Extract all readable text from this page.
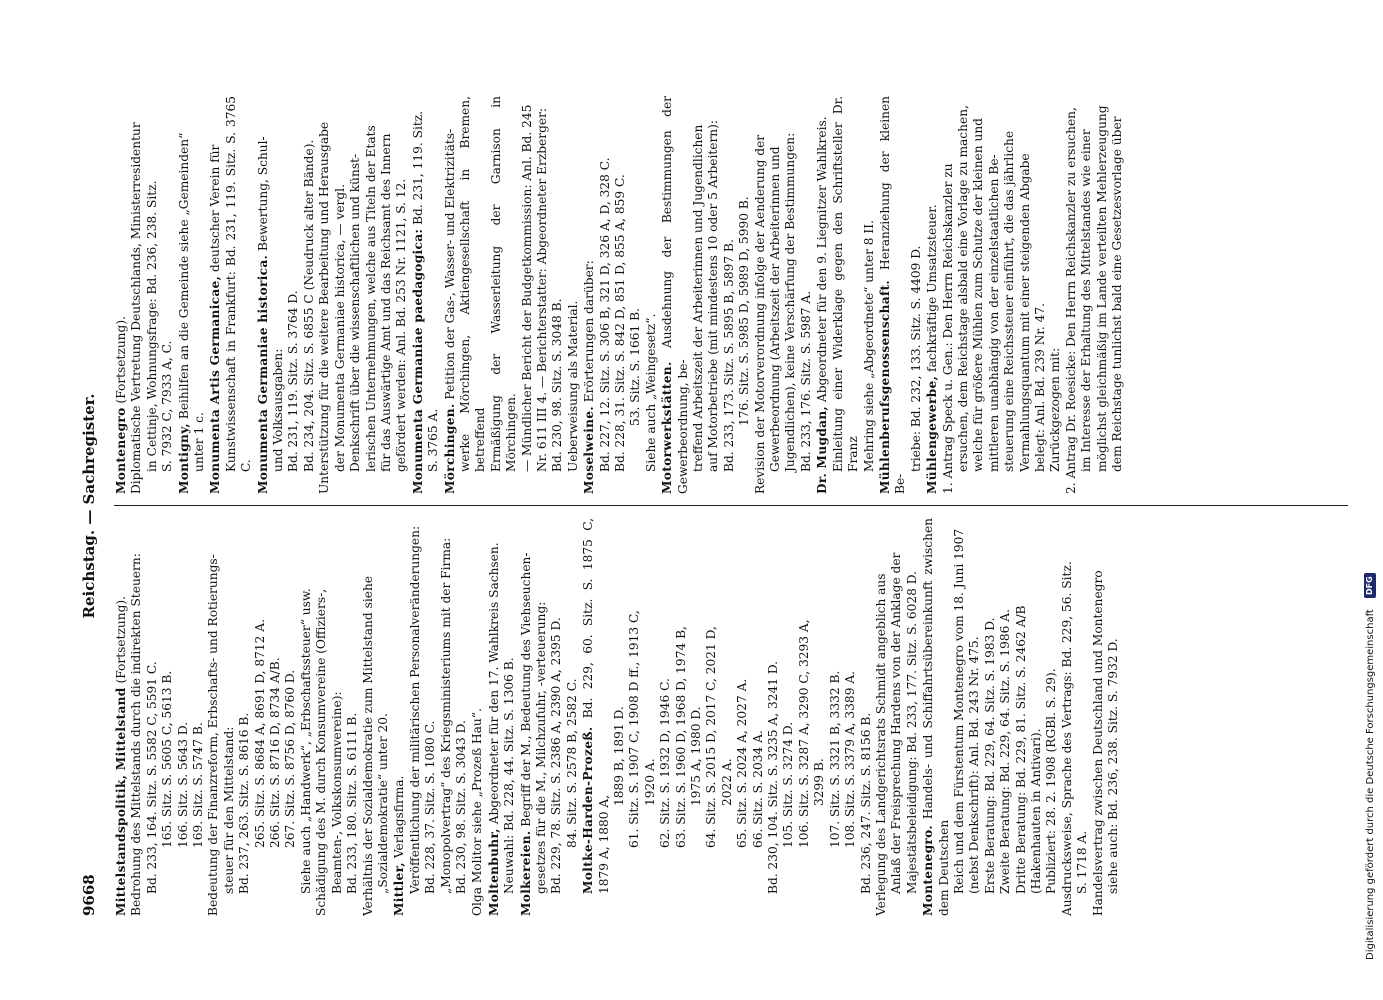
9668
Reichstag. — Sachregister.
Mittelstandspolitik, Mittelstand (Fortsetzung). Bedrohung des Mittelstands durch die indirekten Steuern: Bd. 233, 164. Sitz. S. 5582 C, 5591 C. 165. Sitz. S. 5605 C, 5613 B. 166. Sitz. S. 5643 D. 169. Sitz. S. 5747 B. Bedeutung der Finanzreform, Erbschafts- und Rotierungs- steuer für den Mittelstand: Bd. 237, 263. Sitz. S. 8616 B. 265. Sitz. S. 8684 A, 8691 D, 8712 A. 266. Sitz. S. 8716 D, 8734 A/B. 267. Sitz. S. 8756 D, 8760 D. Siehe auch „Handwerk“, „Erbschaftssteuer“ usw. Schädigung des M. durch Konsumvereine (Offiziers-, Beamten-, Volkskonsumvereine): Bd. 233, 180. Sitz. S. 6111 B. Verhältnis der Sozialdemokratie zum Mittelstand siehe „Sozialdemokratie“ unter 20. Mittler, Verlagsfirma. Veröffentlichung der militärischen Personalveränderungen: Bd. 228, 37. Sitz. S. 1080 C. „Monopolvertrag“ des Kriegsministeriums mit der Firma: Bd. 230, 98. Sitz. S. 3043 D. Olga Molitor siehe „Prozeß Hau“. Moltenbuhr, Abgeordneter für den 17. Wahlkreis Sachsen. Neuwahl: Bd. 228, 44. Sitz. S. 1306 B. Molkereien. Begriff der M., Bedeutung des Viehseuchen- gesetzes für die M., Milchzufuhr, -verteuerung: Bd. 229, 78. Sitz. S. 2386 A, 2390 A, 2395 D. 84. Sitz. S. 2578 B, 2582 C. Moltke-Harden-Prozeß. Bd. 229, 60. Sitz. S. 1875 C, 1879 A, 1880 A,
1889 B, 1891 D. 61. Sitz. S. 1907 C, 1908 D ff., 1913 C, 1920 A. 62. Sitz. S. 1932 D, 1946 C. 63. Sitz. S. 1960 D, 1968 D, 1974 B, 1975 A, 1980 D. 64. Sitz. S. 2015 D, 2017 C, 2021 D, 2022 A. 65. Sitz. S. 2024 A, 2027 A. 66. Sitz. S. 2034 A. Bd. 230, 104. Sitz. S. 3235 A, 3241 D. 105. Sitz. S. 3274 D. 106. Sitz. S. 3287 A, 3290 C, 3293 A, 3299 B. 107. Sitz. S. 3321 B, 3332 B. 108. Sitz. S. 3379 A, 3389 A. Bd. 236, 247. Sitz. S. 8156 B. Verlegung des Landgerichtsrats Schmidt angeblich aus Anlaß der Freisprechung Hardens von der Anklage der Majestätsbeleidigung: Bd. 233, 177. Sitz. S. 6028 D. Montenegro. Handels- und Schiffahrtsübereinkunft zwischen dem Deutschen Reich und dem Fürstentum Montenegro vom 18. Juni 1907 (nebst Denkschrift): Anl. Bd. 243 Nr. 475. Erste Beratung: Bd. 229, 64. Sitz. S. 1983 D. Zweite Beratung: Bd. 229, 64. Sitz. S. 1986 A. Dritte Beratung: Bd. 229, 81. Sitz. S. 2462 A/B (Hakenhauten in Antivari). Publiziert: 28. 2. 1908 (RGBl. S. 29). Ausdrucksweise, Sprache des Vertrags: Bd. 229, 56. Sitz. S. 1718 A. Handelsvertrag zwischen Deutschland und Montenegro siehe auch: Bd. 236, 238. Sitz. S. 7932 D.
Montenegro (Fortsetzung). Diplomatische Vertretung Deutschlands, Ministerresidentur in Cettinje, Wohnungsfrage: Bd. 236, 238. Sitz. S. 7932 C, 7933 A, C. Montigny, Beihilfen an die Gemeinde siehe „Gemeinden“
unter 1 c. Monumenta Artis Germanicae, deutscher Verein für Kunstwissenschaft in Frankfurt: Bd. 231, 119. Sitz. S. 3765 C. Monumenta Germaniae historica. Bewertung, Schul-
und Volksausgaben: Bd. 231, 119. Sitz. S. 3764 D. Bd. 234, 204. Sitz. S. 6855 C (Neudruck alter Bände). Unterstützung für die weitere Bearbeitung und Herausgabe der Monumenta Germaniae historica, — vergl. Denkschrift über die wissenschaftlichen und künst- lerischen Unternehmungen, welche aus Titeln der Etats für das Auswärtige Amt und das Reichsamt des Innern gefördert werden: Anl. Bd. 253 Nr. 1121, S. 12. Monumenta Germaniae paedagogica: Bd. 231, 119. Sitz.
S. 3765 A. Mörchingen. Petition der Gas-, Wasser- und Elektrizitäts- werke Mörchingen, Aktiengesellschaft in Bremen, betreffend Ermäßigung der Wasserleitung der Garnison in Mörchingen. — Mündlicher Bericht der Budgetkommission: Anl. Bd. 245 Nr. 611 III 4. — Berichterstatter: Abgeordneter Erzberger: Bd. 230, 98. Sitz. S. 3048 B. Ueberweisung als Material. Moselweine. Erörterungen darüber: Bd. 227, 12. Sitz. S. 306 B, 321 D, 326 A, D, 328 C. Bd. 228, 31. Sitz. S. 842 D, 851 D, 855 A, 859 C. 53. Sitz. S. 1661 B. Siehe auch „Weingesetz“. Motorwerkstätten. Ausdehnung der Bestimmungen der Gewerbeordnung, be- treffend Arbeitszeit der Arbeiterinnen und Jugendlichen auf Motorbetriebe (mit mindestens 10 oder 5 Arbeitern): Bd. 233, 173. Sitz. S. 5895 B, 5897 B. 176. Sitz. S. 5985 D, 5989 D, 5990 B. Revision der Motorverordnung infolge der Aenderung der Gewerbeordnung (Arbeitszeit der Arbeiterinnen und Jugendlichen), keine Verschärfung der Bestimmungen: Bd. 233, 176. Sitz. S. 5987 A. Dr. Mugdan, Abgeordneter für den 9. Liegnitzer Wahlkreis. Einleitung einer Widerklage gegen den Schriftsteller Dr. Franz Mehring siehe „Abgeordnete“ unter 8 II. Mühlenberufsgenossenschaft. Heranziehung der kleinen Be-
triebe: Bd. 232, 133. Sitz. S. 4409 D. Mühlengewerbe, fachkräftige Umsatzsteuer. 1. Antrag Speck u. Gen.: Den Herrn Reichskanzler zu ersuchen, dem Reichstage alsbald eine Vorlage zu machen, welche für größere Mühlen zum Schutze der kleinen und mittleren unabhängig von der einzelstaatlichen Be- steuerung eine Reichssteuer einführt, die das jährliche Vermahlungsquantum mit einer steigenden Abgabe belegt: Anl. Bd. 239 Nr. 47. Zurückgezogen mit: 2. Antrag Dr. Roesicke: Den Herrn Reichskanzler zu ersuchen, im Interesse der Erhaltung des Mittelstandes wie einer möglichst gleichmäßig im Lande verteilten Mehlerzeugung dem Reichstage tunlichst bald eine Gesetzesvorlage über
Digitalisierung gefördert durch die Deutsche Forschungsgemeinschaft DFG
